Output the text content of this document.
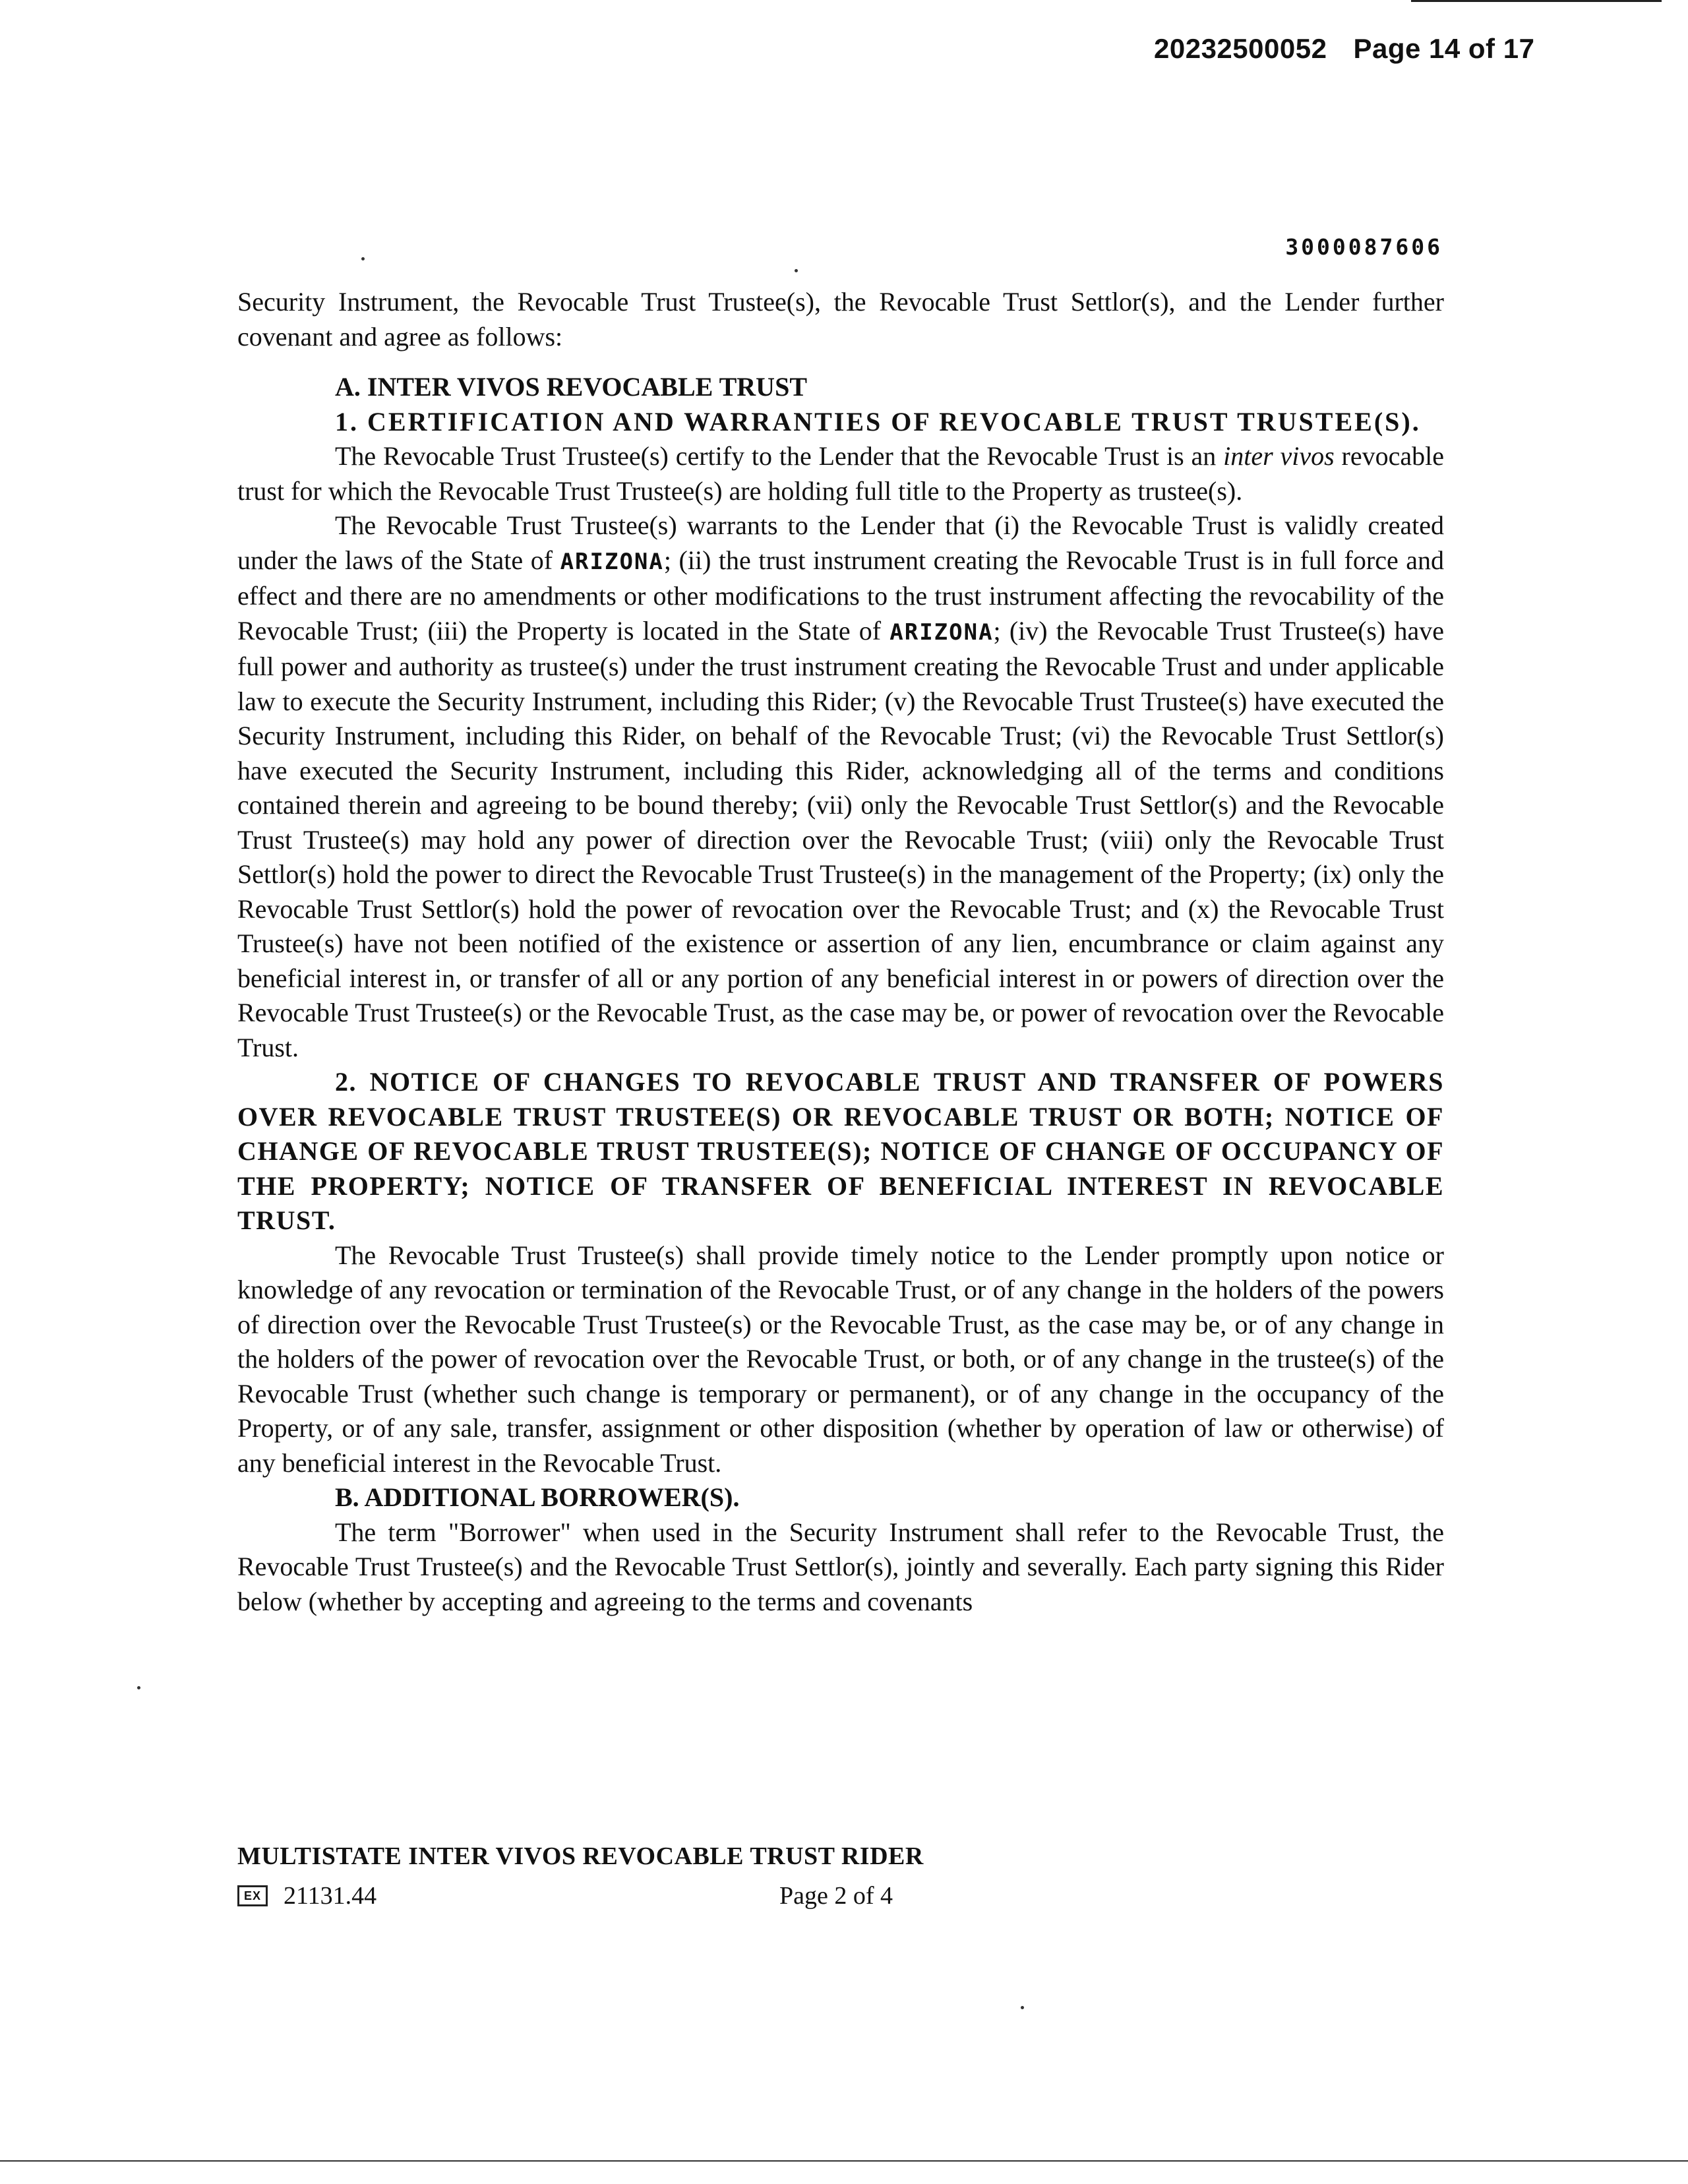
20232500052 Page 14 of 17
3000087606

Security Instrument, the Revocable Trust Trustee(s), the Revocable Trust Settlor(s), and the Lender further covenant and agree as follows:

A. INTER VIVOS REVOCABLE TRUST

1. CERTIFICATION AND WARRANTIES OF REVOCABLE TRUST TRUSTEE(S).

The Revocable Trust Trustee(s) certify to the Lender that the Revocable Trust is an inter vivos revocable trust for which the Revocable Trust Trustee(s) are holding full title to the Property as trustee(s).

The Revocable Trust Trustee(s) warrants to the Lender that (i) the Revocable Trust is validly created under the laws of the State of ARIZONA; (ii) the trust instrument creating the Revocable Trust is in full force and effect and there are no amendments or other modifications to the trust instrument affecting the revocability of the Revocable Trust; (iii) the Property is located in the State of ARIZONA; (iv) the Revocable Trust Trustee(s) have full power and authority as trustee(s) under the trust instrument creating the Revocable Trust and under applicable law to execute the Security Instrument, including this Rider; (v) the Revocable Trust Trustee(s) have executed the Security Instrument, including this Rider, on behalf of the Revocable Trust; (vi) the Revocable Trust Settlor(s) have executed the Security Instrument, including this Rider, acknowledging all of the terms and conditions contained therein and agreeing to be bound thereby; (vii) only the Revocable Trust Settlor(s) and the Revocable Trust Trustee(s) may hold any power of direction over the Revocable Trust; (viii) only the Revocable Trust Settlor(s) hold the power to direct the Revocable Trust Trustee(s) in the management of the Property; (ix) only the Revocable Trust Settlor(s) hold the power of revocation over the Revocable Trust; and (x) the Revocable Trust Trustee(s) have not been notified of the existence or assertion of any lien, encumbrance or claim against any beneficial interest in, or transfer of all or any portion of any beneficial interest in or powers of direction over the Revocable Trust Trustee(s) or the Revocable Trust, as the case may be, or power of revocation over the Revocable Trust.

2. NOTICE OF CHANGES TO REVOCABLE TRUST AND TRANSFER OF POWERS OVER REVOCABLE TRUST TRUSTEE(S) OR REVOCABLE TRUST OR BOTH; NOTICE OF CHANGE OF REVOCABLE TRUST TRUSTEE(S); NOTICE OF CHANGE OF OCCUPANCY OF THE PROPERTY; NOTICE OF TRANSFER OF BENEFICIAL INTEREST IN REVOCABLE TRUST.

The Revocable Trust Trustee(s) shall provide timely notice to the Lender promptly upon notice or knowledge of any revocation or termination of the Revocable Trust, or of any change in the holders of the powers of direction over the Revocable Trust Trustee(s) or the Revocable Trust, as the case may be, or of any change in the holders of the power of revocation over the Revocable Trust, or both, or of any change in the trustee(s) of the Revocable Trust (whether such change is temporary or permanent), or of any change in the occupancy of the Property, or of any sale, transfer, assignment or other disposition (whether by operation of law or otherwise) of any beneficial interest in the Revocable Trust.

B. ADDITIONAL BORROWER(S).

The term "Borrower" when used in the Security Instrument shall refer to the Revocable Trust, the Revocable Trust Trustee(s) and the Revocable Trust Settlor(s), jointly and severally. Each party signing this Rider below (whether by accepting and agreeing to the terms and covenants

MULTISTATE INTER VIVOS REVOCABLE TRUST RIDER
EX 21131.44	Page 2 of 4
